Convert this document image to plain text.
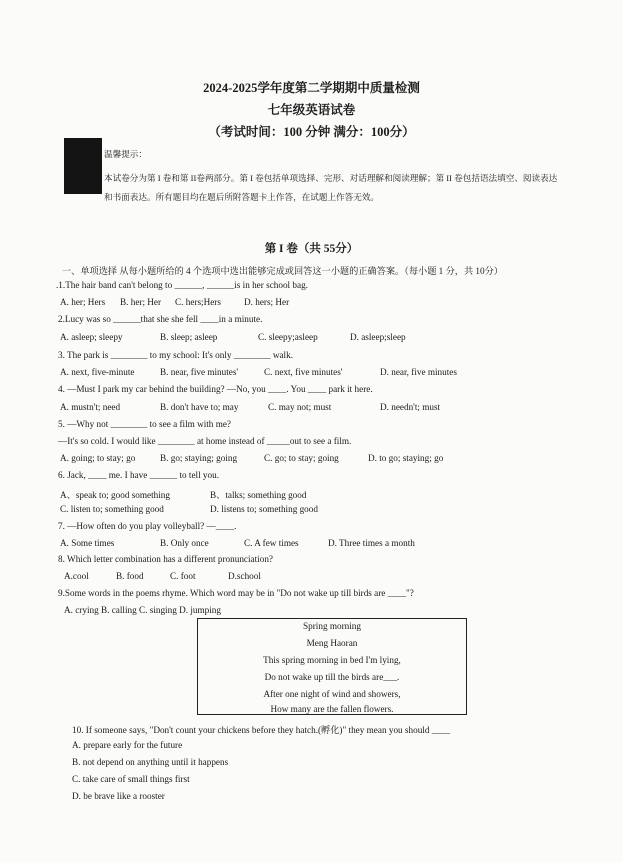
2024-2025学年度第二学期期中质量检测
七年级英语试卷
（考试时间：100 分钟 满分：100分）
温馨提示：
本试卷分为第 I 卷和第 II卷两部分。第 I 卷包括单项选择、完形、对话理解和阅读理解；第 II 卷包括语法填空、阅读表达
和书面表达。所有题目均在题后所附答题卡上作答，在试题上作答无效。
第 I 卷（共 55分）
一、单项选择 从每小题所给的 4 个选项中选出能够完成或回答这一小题的正确答案。（每小题 1 分，共 10分）
.1.The hair band can't belong to ______, ______is in her school bag.
A. her; Hers B. her; Her C. hers;Hers	D. hers; Her
2.Lucy was so ______that she she fell ____in a minute.
A. asleep; sleepy	B. sleep; asleep	C. sleepy;asleep	D. asleep;sleep
3. The park is ________ to my school: It's only ________ walk.
A. next, five-minute	B. near, five minutes'	C. next, five minutes'	D. near, five minutes
4. —Must I park my car behind the building? —No, you ____. You ____ park it here.
A. mustn't; need	B. don't have to; may	C. may not; must	D. needn't; must
5. —Why not ________ to see a film with me?
—It's so cold. I would like ________ at home instead of _____out to see a film.
A. going; to stay; go	B. go; staying; going	C. go; to stay; going	D. to go; staying; go
6. Jack, ____ me. I have ______ to tell you.
A、speak to; good something	B、talks; something good
C. listen to; something good	D. listens to; something good
7. —How often do you play volleyball? —____.
A. Some times	B. Only once	C. A few times	D. Three times a month
8. Which letter combination has a different pronunciation?
A.cool	B. food	C. foot	D.school
9.Some words in the poems rhyme. Which word may be in "Do not wake up till birds are ____"?
A. crying B. calling C. singing D. jumping
Spring morning
Meng Haoran
This spring morning in bed I'm lying,
Do not wake up till the birds are___.
After one night of wind and showers,
How many are the fallen flowers.
10. If someone says, "Don't count your chickens before they hatch.(孵化)" they mean you should ____
A. prepare early for the future
B. not depend on anything until it happens
C. take care of small things first
D. be brave like a rooster
